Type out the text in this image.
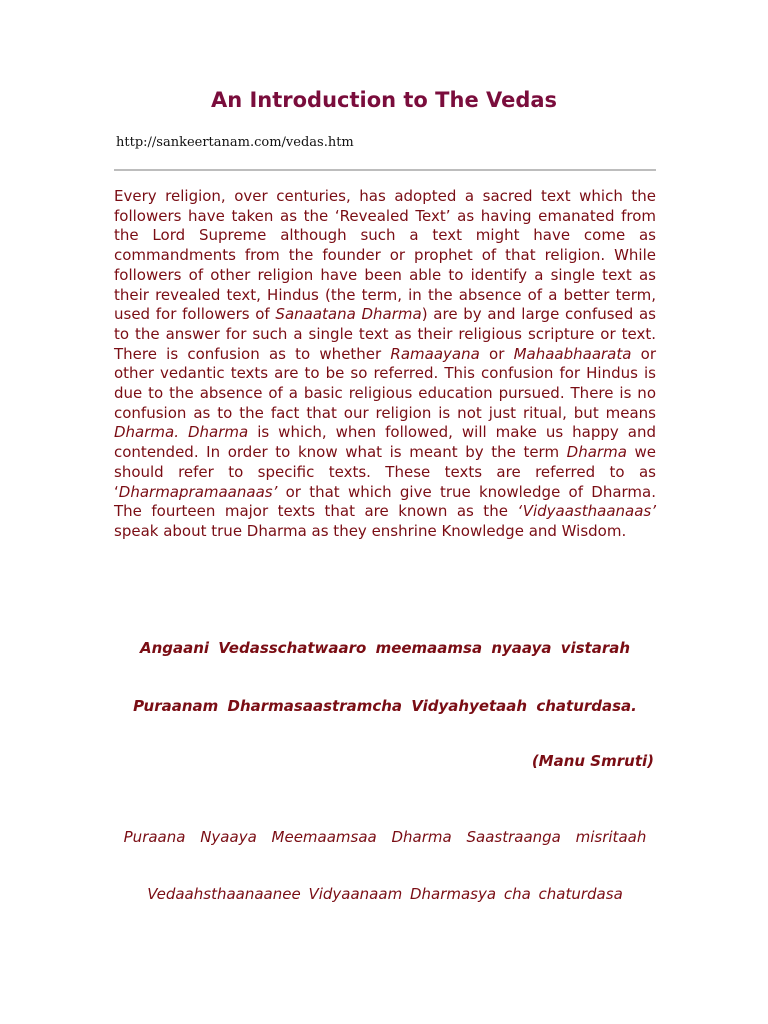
An Introduction to The Vedas
http://sankeertanam.com/vedas.htm

Every religion, over centuries, has adopted a sacred text which the followers have taken as the ‘Revealed Text’ as having emanated from the Lord Supreme although such a text might have come as commandments from the founder or prophet of that religion. While followers of other religion have been able to identify a single text as their revealed text, Hindus (the term, in the absence of a better term, used for followers of Sanaatana Dharma) are by and large confused as to the answer for such a single text as their religious scripture or text. There is confusion as to whether Ramaayana or Mahaabhaarata or other vedantic texts are to be so referred. This confusion for Hindus is due to the absence of a basic religious education pursued. There is no confusion as to the fact that our religion is not just ritual, but means Dharma. Dharma is which, when followed, will make us happy and contended. In order to know what is meant by the term Dharma we should refer to specific texts. These texts are referred to as ‘Dharmapramaanaas’ or that which give true knowledge of Dharma. The fourteen major texts that are known as the ‘Vidyaasthaanaas’ speak about true Dharma as they enshrine Knowledge and Wisdom.

Angaani Vedasschatwaaro meemaamsa nyaaya vistarah
Puraanam Dharmasaastramcha Vidyahyetaah chaturdasa.
(Manu Smruti)
Puraana Nyaaya Meemaamsaa Dharma Saastraanga misritaah
Vedaahsthaanaanee Vidyaanaam Dharmasya cha chaturdasa
